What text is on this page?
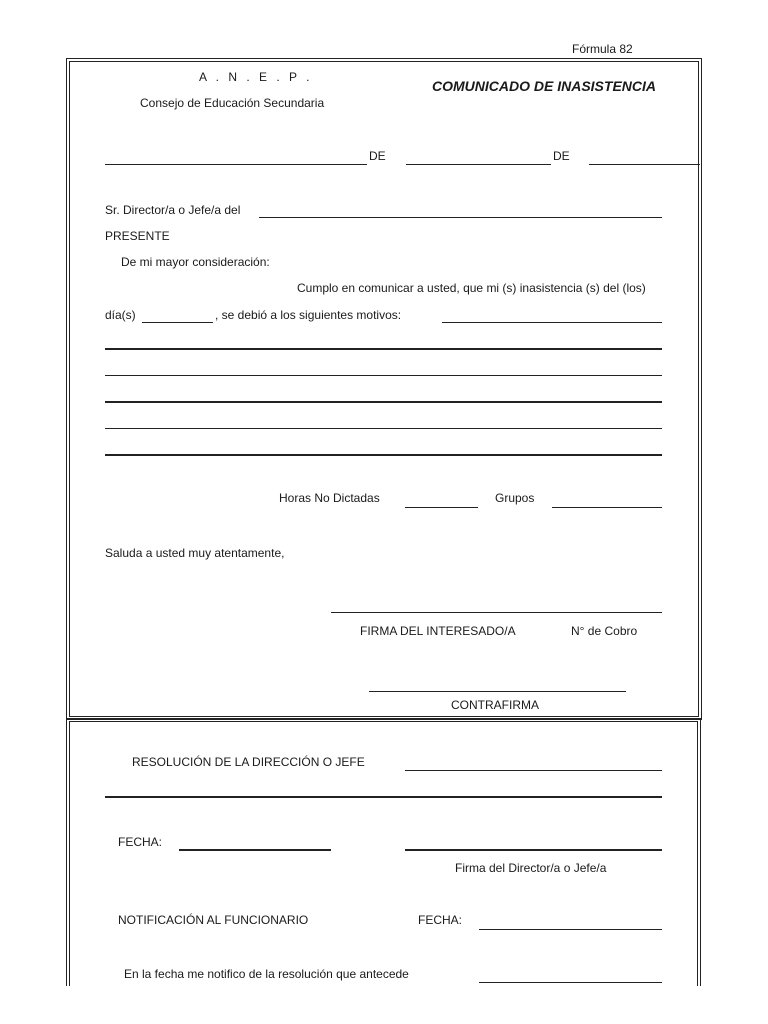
Fórmula 82
A . N . E . P .
Consejo de Educación Secundaria
COMUNICADO DE INASISTENCIA
DE	DE
Sr. Director/a o Jefe/a del
PRESENTE
De mi mayor consideración:
Cumplo en comunicar a usted, que mi (s) inasistencia (s) del (los)
día(s)	, se debió a los siguientes motivos:
Horas No Dictadas	Grupos
Saluda a usted muy atentamente,
FIRMA DEL INTERESADO/A	N° de Cobro
CONTRAFIRMA
RESOLUCIÓN DE LA DIRECCIÓN O JEFE
FECHA:
Firma del Director/a o Jefe/a
NOTIFICACIÓN AL FUNCIONARIO	FECHA:
En la fecha me notifico de la resolución que antecede
